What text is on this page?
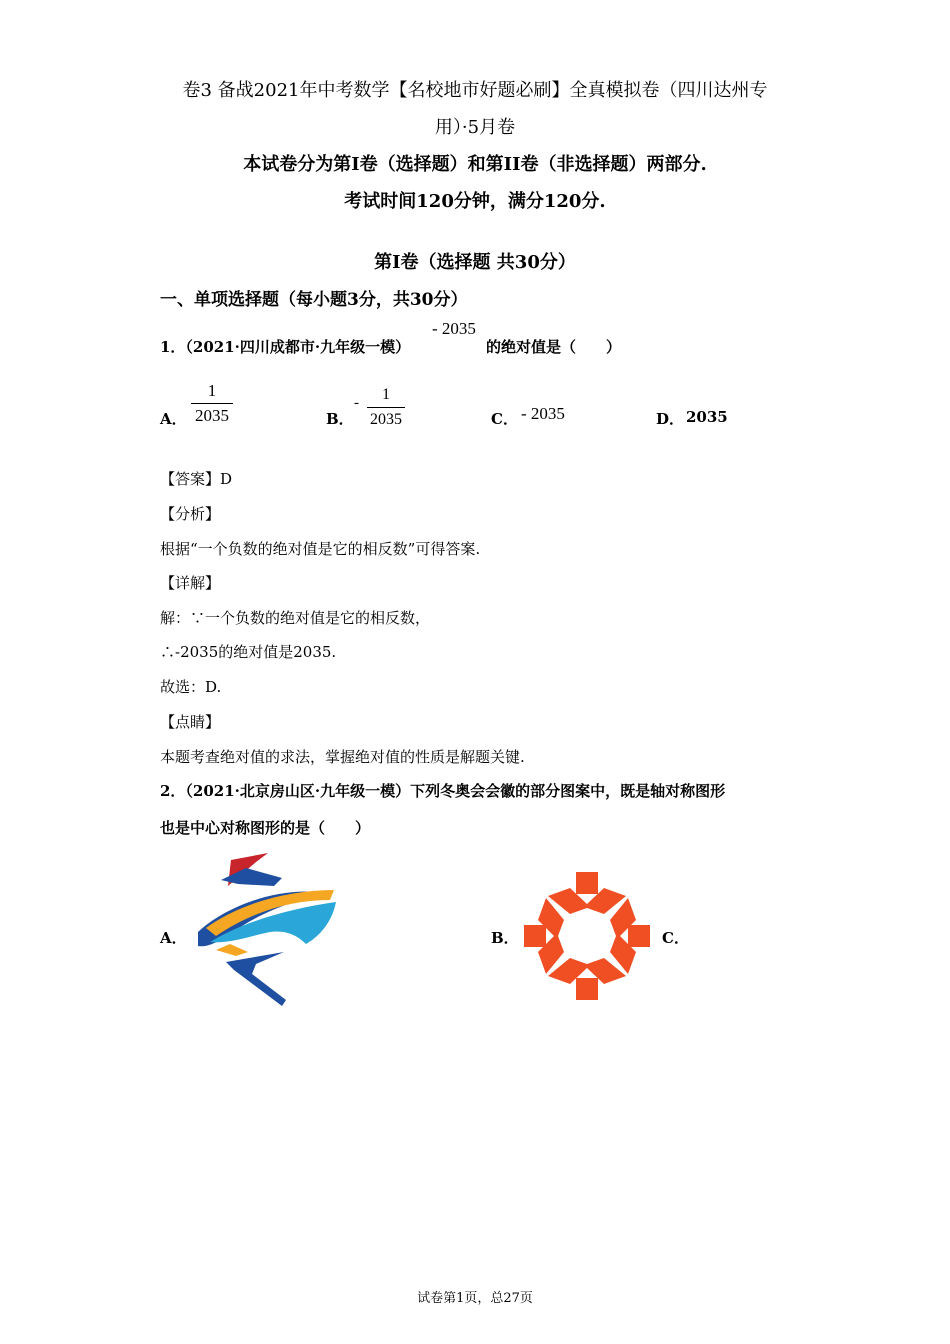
卷3 备战2021年中考数学【名校地市好题必刷】全真模拟卷（四川达州专
用）·5月卷
本试卷分为第I卷（选择题）和第II卷（非选择题）两部分.
考试时间120分钟，满分120分.
第I卷（选择题 共30分）
一、单项选择题（每小题3分，共30分）
1．（2021·四川成都市·九年级一模）
- 2035
的绝对值是（　　）
A．
1
2035	B．
-	1
2035	C． - 2035	D． 2035
【答案】D
【分析】
根据“一个负数的绝对值是它的相反数”可得答案.
【详解】
解：∵一个负数的绝对值是它的相反数，
∴-2035的绝对值是2035.
故选：D.
【点睛】
本题考查绝对值的求法，掌握绝对值的性质是解题关键.
2．（2021·北京房山区·九年级一模）下列冬奥会会徽的部分图案中，既是轴对称图形
也是中心对称图形的是（　　）
A．	B．	C．
试卷第1页，总27页
